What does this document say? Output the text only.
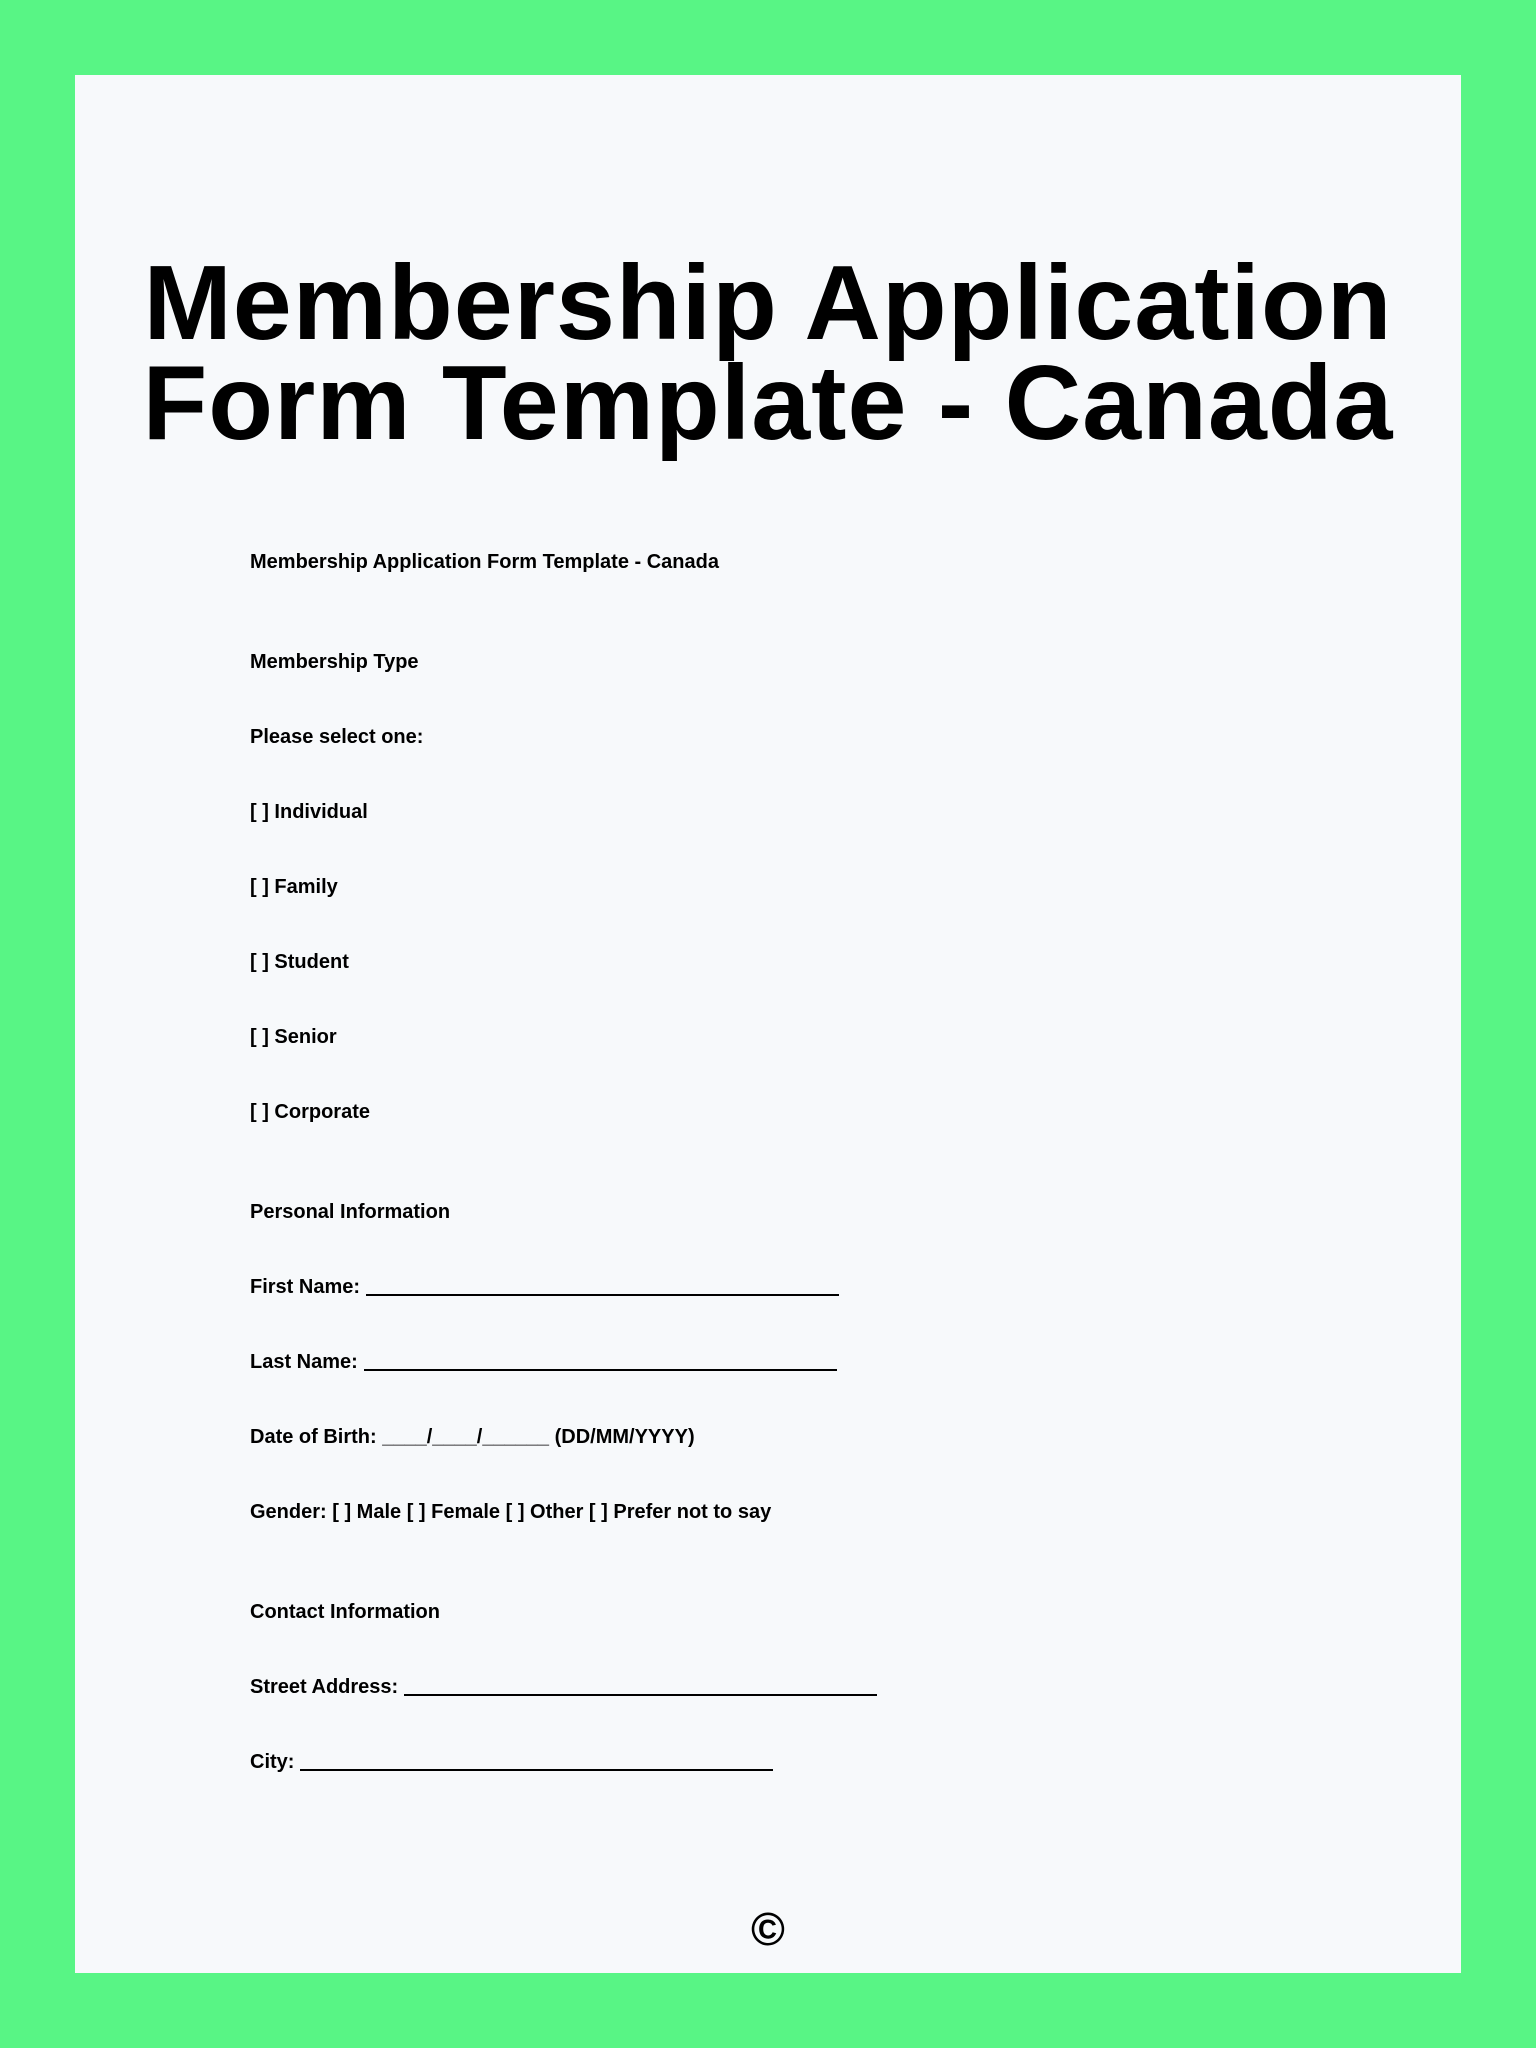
Membership Application Form Template - Canada

Membership Application Form Template - Canada

Membership Type

Please select one:

[ ] Individual

[ ] Family

[ ] Student

[ ] Senior

[ ] Corporate

Personal Information

First Name:

Last Name:

Date of Birth: ____/____/______ (DD/MM/YYYY)

Gender: [ ] Male [ ] Female [ ] Other [ ] Prefer not to say

Contact Information

Street Address:

City:

©
